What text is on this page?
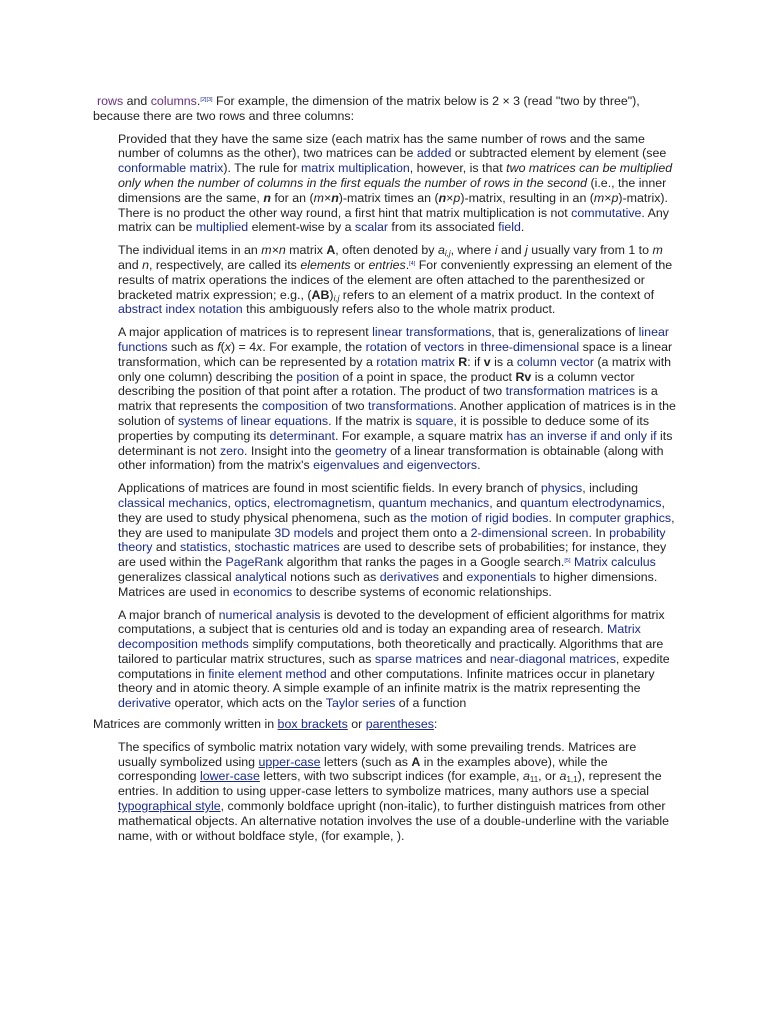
rows and columns.[2][3] For example, the dimension of the matrix below is 2 × 3 (read "two by three"), because there are two rows and three columns:

Provided that they have the same size (each matrix has the same number of rows and the same number of columns as the other), two matrices can be added or subtracted element by element (see conformable matrix). The rule for matrix multiplication, however, is that two matrices can be multiplied only when the number of columns in the first equals the number of rows in the second (i.e., the inner dimensions are the same, n for an (m×n)-matrix times an (n×p)-matrix, resulting in an (m×p)-matrix). There is no product the other way round, a first hint that matrix multiplication is not commutative. Any matrix can be multiplied element-wise by a scalar from its associated field.

The individual items in an m×n matrix A, often denoted by $a_{i,j}$, where i and j usually vary from 1 to m and n, respectively, are called its elements or entries.[4] For conveniently expressing an element of the results of matrix operations the indices of the element are often attached to the parenthesized or bracketed matrix expression; e.g., $(AB)_{i,j}$ refers to an element of a matrix product. In the context of abstract index notation this ambiguously refers also to the whole matrix product.

A major application of matrices is to represent linear transformations, that is, generalizations of linear functions such as f(x) = 4x. For example, the rotation of vectors in three-dimensional space is a linear transformation, which can be represented by a rotation matrix R: if v is a column vector (a matrix with only one column) describing the position of a point in space, the product Rv is a column vector describing the position of that point after a rotation. The product of two transformation matrices is a matrix that represents the composition of two transformations. Another application of matrices is in the solution of systems of linear equations. If the matrix is square, it is possible to deduce some of its properties by computing its determinant. For example, a square matrix has an inverse if and only if its determinant is not zero. Insight into the geometry of a linear transformation is obtainable (along with other information) from the matrix's eigenvalues and eigenvectors.

Applications of matrices are found in most scientific fields. In every branch of physics, including classical mechanics, optics, electromagnetism, quantum mechanics, and quantum electrodynamics, they are used to study physical phenomena, such as the motion of rigid bodies. In computer graphics, they are used to manipulate 3D models and project them onto a 2-dimensional screen. In probability theory and statistics, stochastic matrices are used to describe sets of probabilities; for instance, they are used within the PageRank algorithm that ranks the pages in a Google search.[5] Matrix calculus generalizes classical analytical notions such as derivatives and exponentials to higher dimensions. Matrices are used in economics to describe systems of economic relationships.

A major branch of numerical analysis is devoted to the development of efficient algorithms for matrix computations, a subject that is centuries old and is today an expanding area of research. Matrix decomposition methods simplify computations, both theoretically and practically. Algorithms that are tailored to particular matrix structures, such as sparse matrices and near-diagonal matrices, expedite computations in finite element method and other computations. Infinite matrices occur in planetary theory and in atomic theory. A simple example of an infinite matrix is the matrix representing the derivative operator, which acts on the Taylor series of a function

Matrices are commonly written in box brackets or parentheses:

The specifics of symbolic matrix notation vary widely, with some prevailing trends. Matrices are usually symbolized using upper-case letters (such as A in the examples above), while the corresponding lower-case letters, with two subscript indices (for example, $a_{11}$, or $a_{1,1}$), represent the entries. In addition to using upper-case letters to symbolize matrices, many authors use a special typographical style, commonly boldface upright (non-italic), to further distinguish matrices from other mathematical objects. An alternative notation involves the use of a double-underline with the variable name, with or without boldface style, (for example, ).
